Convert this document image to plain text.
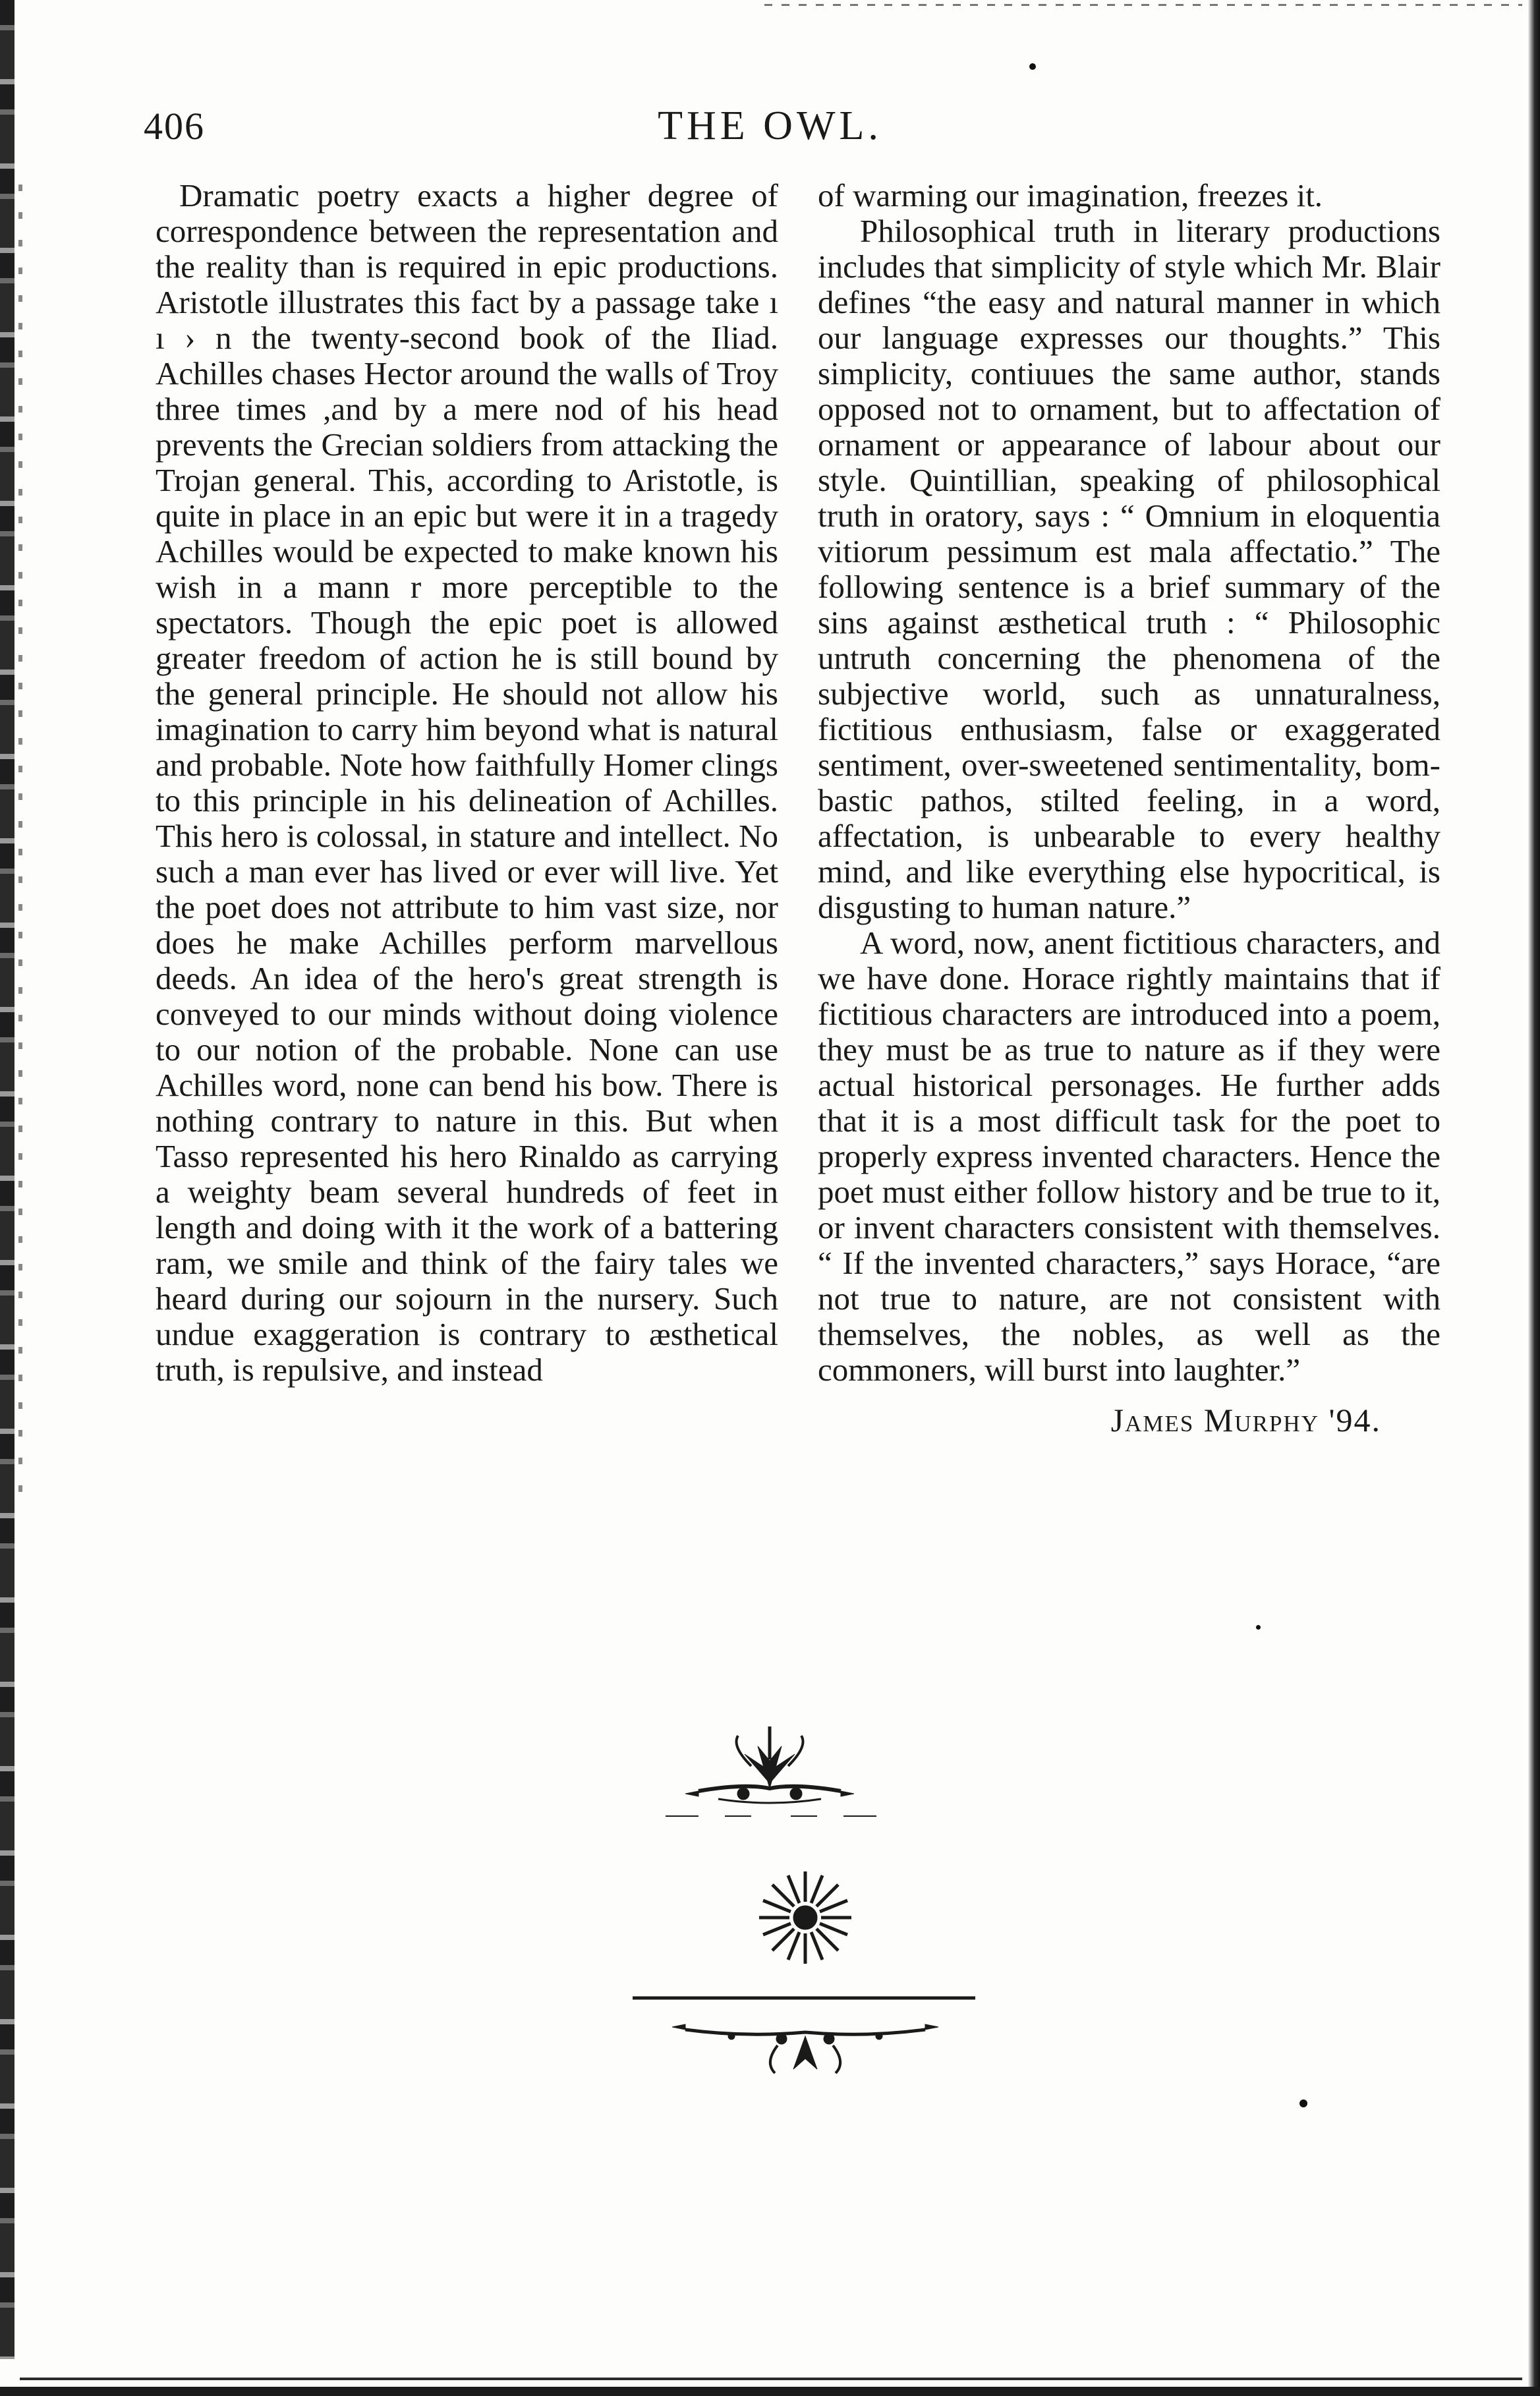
406	THE OWL.

Dramatic poetry exacts a higher degree of correspondence between the representation and the reality than is required in epic productions. Aristotle illustrates this fact by a passage take ı ı › n the twenty-second book of the Iliad. Achilles chases Hector around the walls of Troy three times ,and by a mere nod of his head prevents the Grecian soldiers from attacking the Trojan general. This, according to Aristotle, is quite in place in an epic but were it in a tragedy Achilles would be expected to make known his wish in a mann r more perceptible to the spectators. Though the epic poet is allowed greater freedom of action he is still bound by the general principle. He should not allow his imagination to carry him beyond what is natural and probable. Note how faithfully Homer clings to this principle in his delineation of Achilles. This hero is colossal, in stature and intellect. No such a man ever has lived or ever will live. Yet the poet does not attribute to him vast size, nor does he make Achilles perform marvellous deeds. An idea of the hero's great strength is conveyed to our minds without doing violence to our notion of the probable. None can use Achilles word, none can bend his bow. There is nothing contrary to nature in this. But when Tasso represented his hero Rinaldo as carrying a weighty beam several hundreds of feet in length and doing with it the work of a battering ram, we smile and think of the fairy tales we heard during our sojourn in the nursery. Such undue exaggeration is contrary to æsthetical truth, is repulsive, and instead

of warming our imagination, freezes it.

Philosophical truth in literary productions includes that simplicity of style which Mr. Blair defines “the easy and natural manner in which our language expresses our thoughts.” This simplicity, contiuues the same author, stands opposed not to ornament, but to affectation of ornament or appearance of labour about our style. Quintillian, speaking of philosophical truth in oratory, says : “ Omnium in eloquentia vitiorum pessimum est mala affectatio.” The following sentence is a brief summary of the sins against æsthetical truth : “ Philosophic untruth concerning the phenomena of the subjective world, such as unnaturalness, fictitious enthusiasm, false or exaggerated sentiment, over-sweetened sentimentality, bombastic pathos, stilted feeling, in a word, affectation, is unbearable to every healthy mind, and like everything else hypocritical, is disgusting to human nature.”

A word, now, anent fictitious characters, and we have done. Horace rightly maintains that if fictitious characters are introduced into a poem, they must be as true to nature as if they were actual historical personages. He further adds that it is a most difficult task for the poet to properly express invented characters. Hence the poet must either follow history and be true to it, or invent characters consistent with themselves. “ If the invented characters,” says Horace, “are not true to nature, are not consistent with themselves, the nobles, as well as the commoners, will burst into laughter.”

James Murphy '94.
